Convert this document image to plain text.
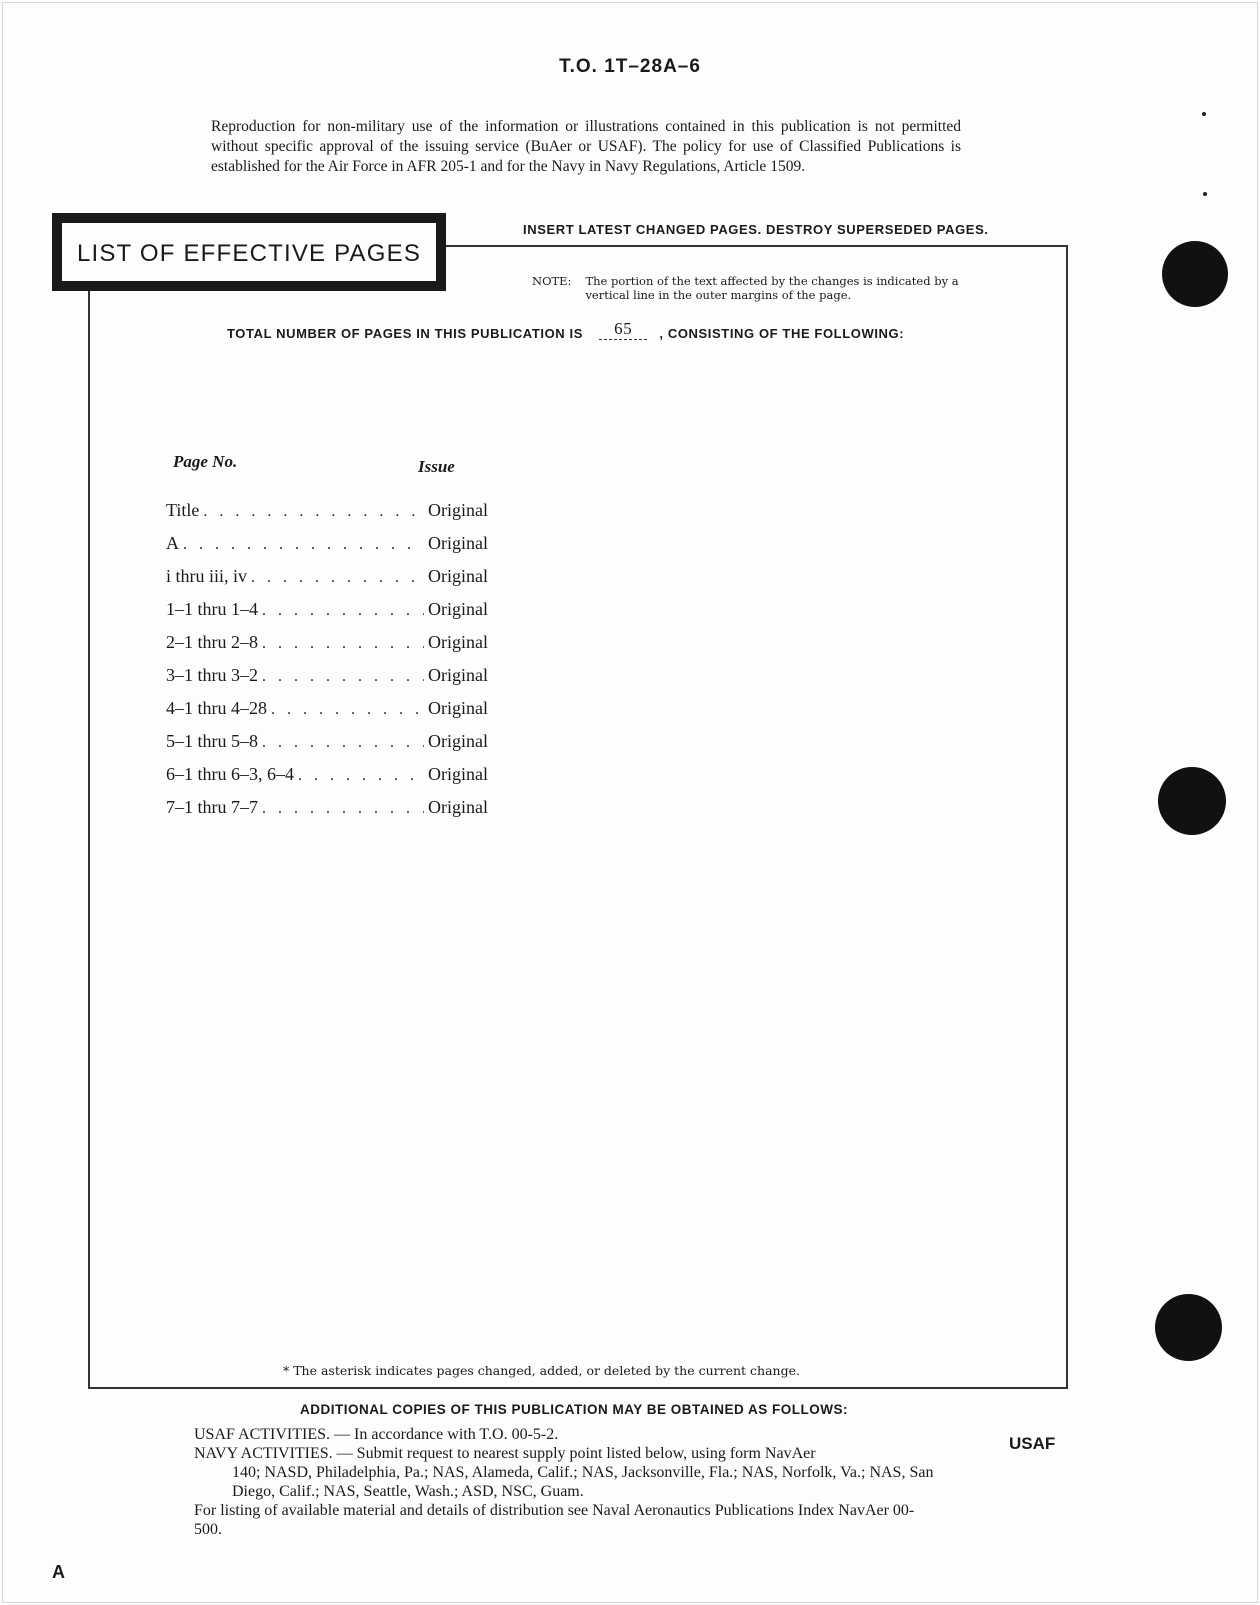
T.O. 1T–28A–6
Reproduction for non-military use of the information or illustrations contained in this publication is not permitted without specific approval of the issuing service (BuAer or USAF). The policy for use of Classified Publications is established for the Air Force in AFR 205-1 and for the Navy in Navy Regulations, Article 1509.
INSERT LATEST CHANGED PAGES. DESTROY SUPERSEDED PAGES.
LIST OF EFFECTIVE PAGES
NOTE: The portion of the text affected by the changes is indicated by a vertical line in the outer margins of the page.
TOTAL NUMBER OF PAGES IN THIS PUBLICATION IS 65 , CONSISTING OF THE FOLLOWING:
Page No.	Issue
Title . . .	Original
A . . .	Original
i thru iii, iv . . .	Original
1–1 thru 1–4 . . .	Original
2–1 thru 2–8 . . .	Original
3–1 thru 3–2 . . .	Original
4–1 thru 4–28 . . .	Original
5–1 thru 5–8 . . .	Original
6–1 thru 6–3, 6–4 . . .	Original
7–1 thru 7–7 . . .	Original
* The asterisk indicates pages changed, added, or deleted by the current change.
ADDITIONAL COPIES OF THIS PUBLICATION MAY BE OBTAINED AS FOLLOWS:

USAF ACTIVITIES. — In accordance with T.O. 00-5-2.

NAVY ACTIVITIES. — Submit request to nearest supply point listed below, using form NavAer

140; NASD, Philadelphia, Pa.; NAS, Alameda, Calif.; NAS, Jacksonville, Fla.; NAS, Norfolk, Va.; NAS, San Diego, Calif.; NAS, Seattle, Wash.; ASD, NSC, Guam.

For listing of available material and details of distribution see Naval Aeronautics Publications Index NavAer 00-500.

USAF
A
